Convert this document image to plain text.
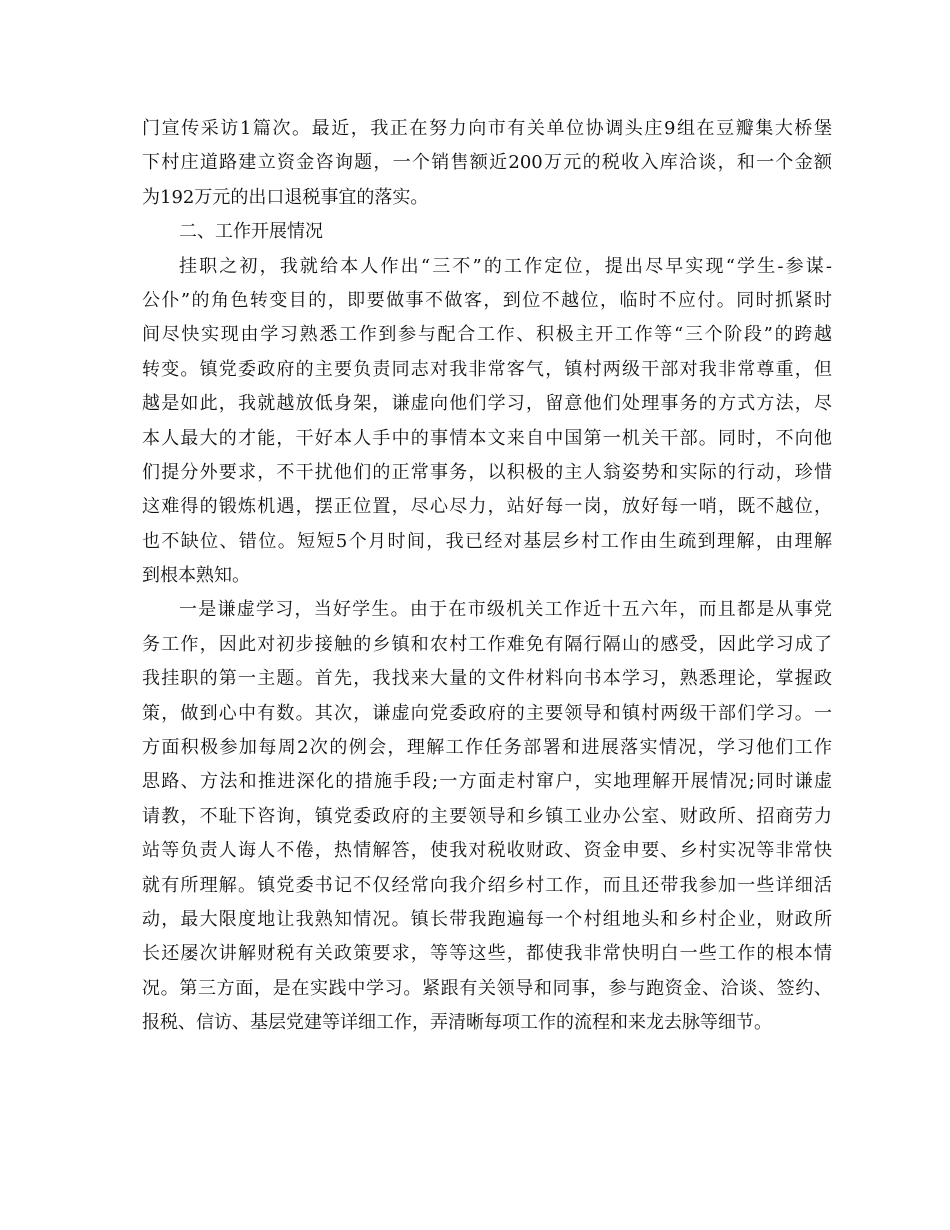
门宣传采访1篇次。最近，我正在努力向市有关单位协调头庄9组在豆瓣集大桥堡
下村庄道路建立资金咨询题，一个销售额近200万元的税收入库洽谈，和一个金额
为192万元的出口退税事宜的落实。
二、工作开展情况
挂职之初，我就给本人作出“三不”的工作定位，提出尽早实现“学生-参谋-
公仆”的角色转变目的，即要做事不做客，到位不越位，临时不应付。同时抓紧时
间尽快实现由学习熟悉工作到参与配合工作、积极主开工作等“三个阶段”的跨越
转变。镇党委政府的主要负责同志对我非常客气，镇村两级干部对我非常尊重，但
越是如此，我就越放低身架，谦虚向他们学习，留意他们处理事务的方式方法，尽
本人最大的才能，干好本人手中的事情本文来自中国第一机关干部。同时，不向他
们提分外要求，不干扰他们的正常事务，以积极的主人翁姿势和实际的行动，珍惜
这难得的锻炼机遇，摆正位置，尽心尽力，站好每一岗，放好每一哨，既不越位，
也不缺位、错位。短短5个月时间，我已经对基层乡村工作由生疏到理解，由理解
到根本熟知。
一是谦虚学习，当好学生。由于在市级机关工作近十五六年，而且都是从事党
务工作，因此对初步接触的乡镇和农村工作难免有隔行隔山的感受，因此学习成了
我挂职的第一主题。首先，我找来大量的文件材料向书本学习，熟悉理论，掌握政
策，做到心中有数。其次，谦虚向党委政府的主要领导和镇村两级干部们学习。一
方面积极参加每周2次的例会，理解工作任务部署和进展落实情况，学习他们工作
思路、方法和推进深化的措施手段;一方面走村窜户，实地理解开展情况;同时谦虚
请教，不耻下咨询，镇党委政府的主要领导和乡镇工业办公室、财政所、招商劳力
站等负责人诲人不倦，热情解答，使我对税收财政、资金申要、乡村实况等非常快
就有所理解。镇党委书记不仅经常向我介绍乡村工作，而且还带我参加一些详细活
动，最大限度地让我熟知情况。镇长带我跑遍每一个村组地头和乡村企业，财政所
长还屡次讲解财税有关政策要求，等等这些，都使我非常快明白一些工作的根本情
况。第三方面，是在实践中学习。紧跟有关领导和同事，参与跑资金、洽谈、签约、
报税、信访、基层党建等详细工作，弄清晰每项工作的流程和来龙去脉等细节。
